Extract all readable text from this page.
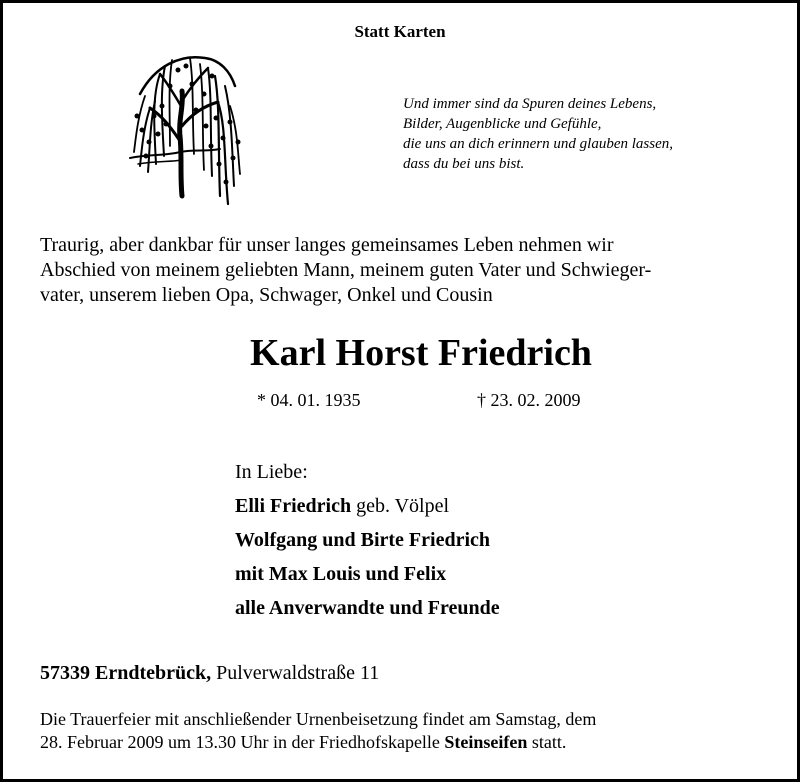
Statt Karten
Und immer sind da Spuren deines Lebens,
Bilder, Augenblicke und Gefühle,
die uns an dich erinnern und glauben lassen,
dass du bei uns bist.
Traurig, aber dankbar für unser langes gemeinsames Leben nehmen wir
Abschied von meinem geliebten Mann, meinem guten Vater und Schwieger-
vater, unserem lieben Opa, Schwager, Onkel und Cousin
Karl Horst Friedrich
* 04. 01. 1935	† 23. 02. 2009
In Liebe:
Elli Friedrich geb. Völpel
Wolfgang und Birte Friedrich
mit Max Louis und Felix
alle Anverwandte und Freunde
57339 Erndtebrück, Pulverwaldstraße 11
Die Trauerfeier mit anschließender Urnenbeisetzung findet am Samstag, dem
28. Februar 2009 um 13.30 Uhr in der Friedhofskapelle Steinseifen statt.
